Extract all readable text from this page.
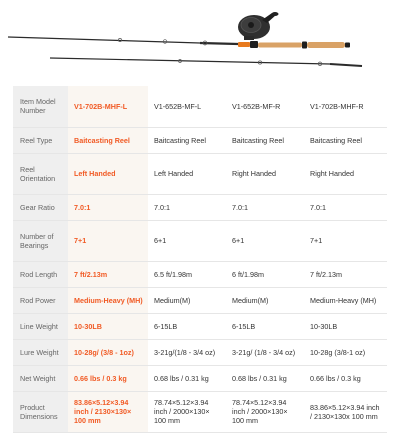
Item Model Number	V1-702B-MHF-L	V1-652B-MF-L	V1-652B-MF-R	V1-702B-MHF-R
Reel Type	Baitcasting Reel	Baitcasting Reel	Baitcasting Reel	Baitcasting Reel
Reel Orientation	Left Handed	Left Handed	Right Handed	Right Handed
Gear Ratio	7.0:1	7.0:1	7.0:1	7.0:1
Number of Bearings	7+1	6+1	6+1	7+1
Rod Length	7 ft/2.13m	6.5 ft/1.98m	6 ft/1.98m	7 ft/2.13m
Rod Power	Medium-Heavy (MH)	Medium(M)	Medium(M)	Medium-Heavy (MH)
Line Weight	10-30LB	6-15LB	6-15LB	10-30LB
Lure Weight	10-28g/ (3/8 - 1oz)	3-21g/(1/8 - 3/4 oz)	3-21g/ (1/8 - 3/4 oz)	10-28g (3/8-1 oz)
Net Weight	0.66 lbs / 0.3 kg	0.68 lbs / 0.31 kg	0.68 lbs / 0.31 kg	0.66 lbs / 0.3 kg
Product Dimensions	83.86×5.12×3.94 inch / 2130×130× 100 mm	78.74×5.12×3.94 inch / 2000×130× 100 mm	78.74×5.12×3.94 inch / 2000×130× 100 mm	83.86×5.12×3.94 inch / 2130×130x 100 mm
